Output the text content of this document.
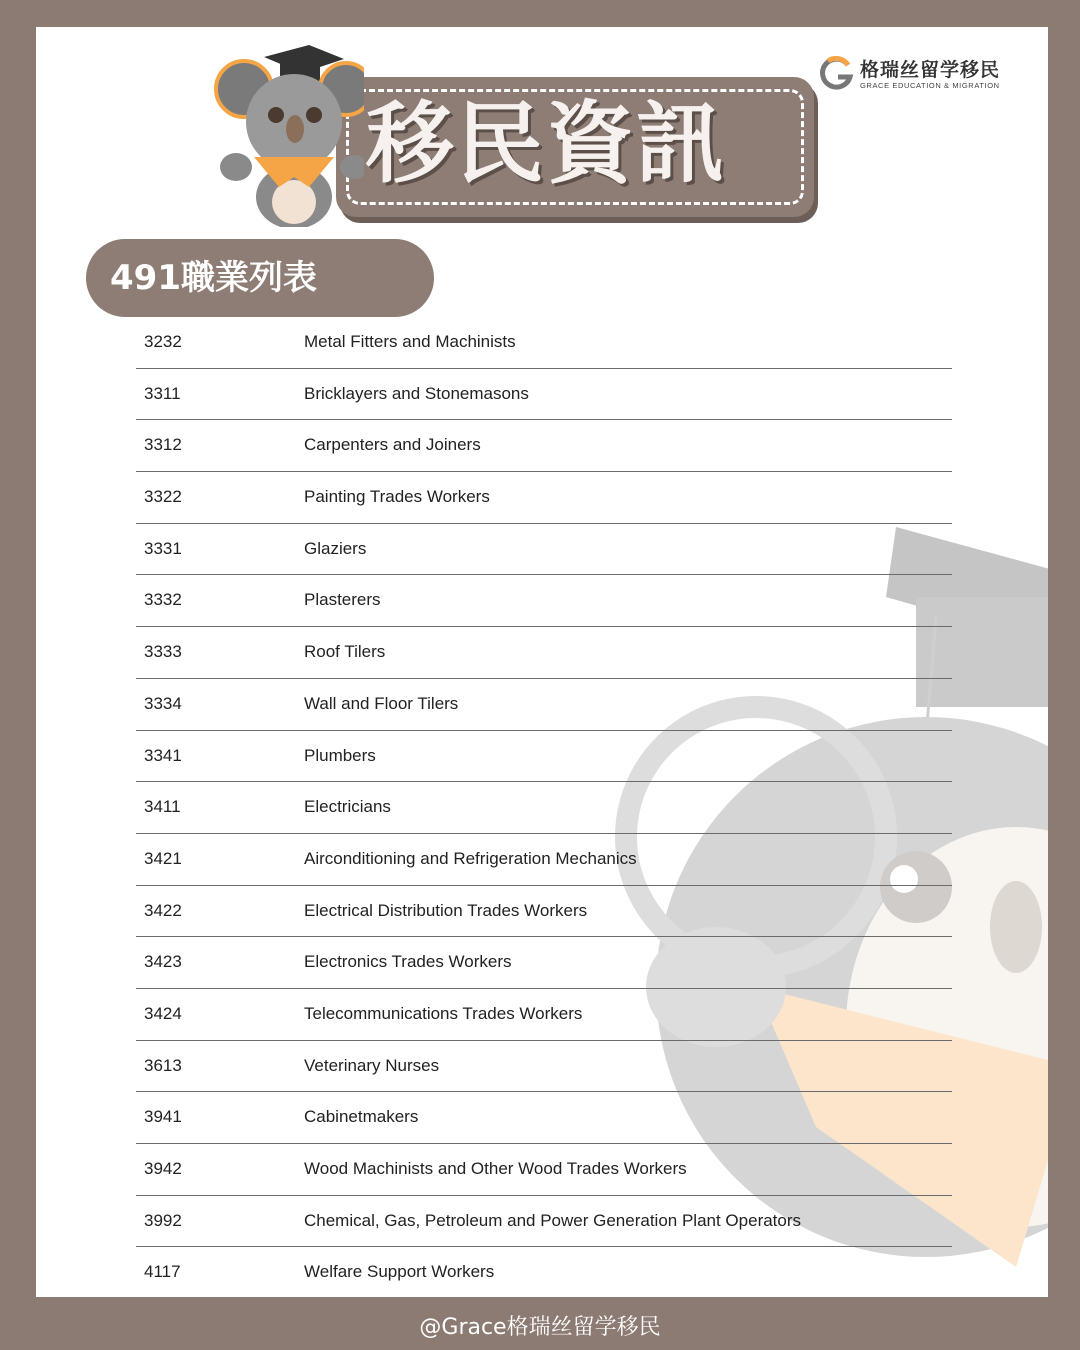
移民資訊
格瑞丝留学移民
GRACE EDUCATION & MIGRATION
491職業列表
3232	Metal Fitters and Machinists
3311	Bricklayers and Stonemasons
3312	Carpenters and Joiners
3322	Painting Trades Workers
3331	Glaziers
3332	Plasterers
3333	Roof Tilers
3334	Wall and Floor Tilers
3341	Plumbers
3411	Electricians
3421	Airconditioning and Refrigeration Mechanics
3422	Electrical Distribution Trades Workers
3423	Electronics Trades Workers
3424	Telecommunications Trades Workers
3613	Veterinary Nurses
3941	Cabinetmakers
3942	Wood Machinists and Other Wood Trades Workers
3992	Chemical, Gas, Petroleum and Power Generation Plant Operators
4117	Welfare Support Workers
@Grace格瑞丝留学移民
